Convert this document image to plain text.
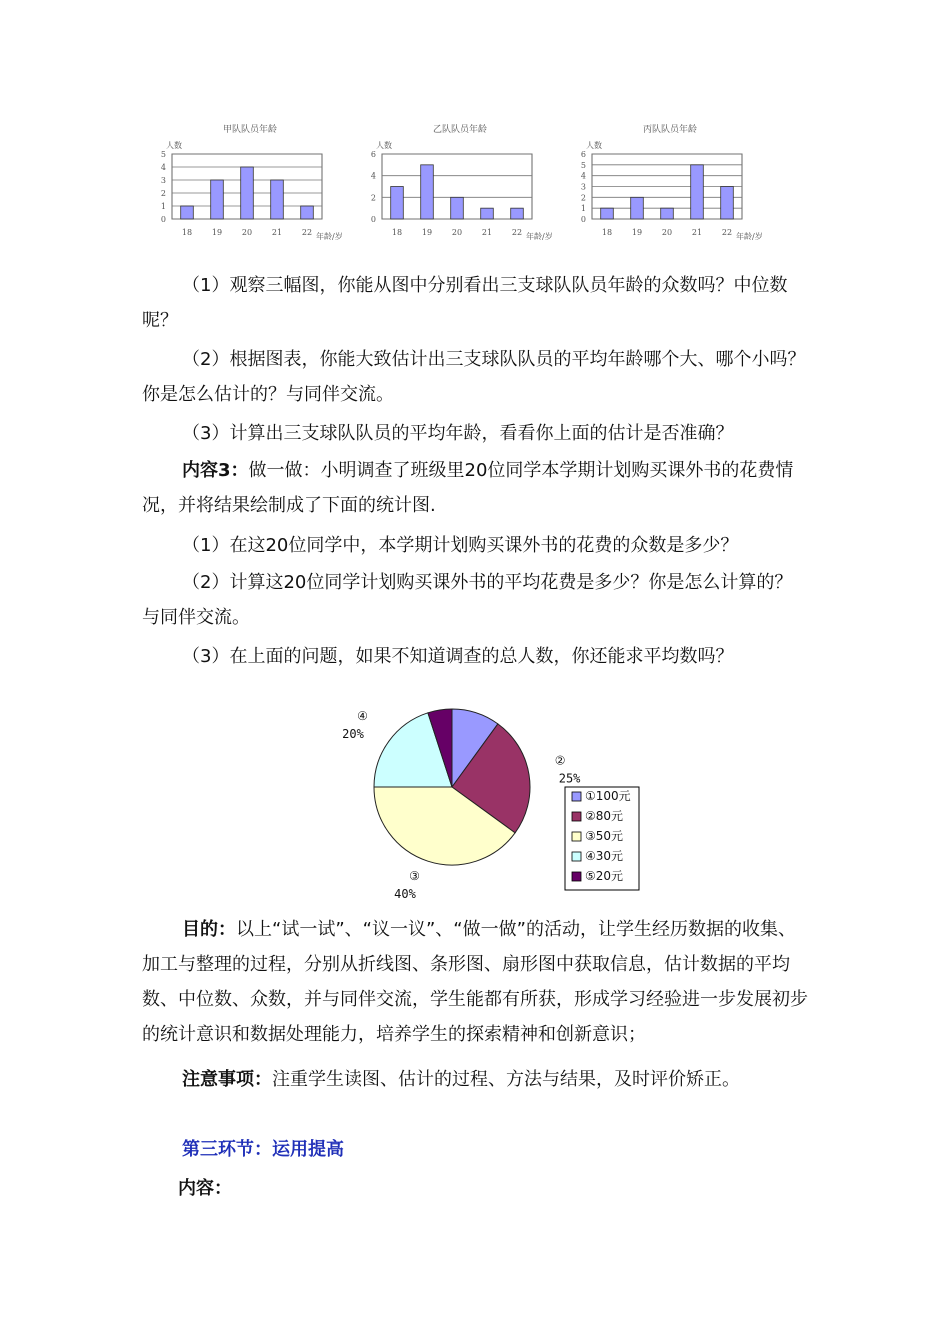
甲队队员年龄
人数
0
1
2
3
4
5
18 19 20 21 22 年龄/岁
乙队队员年龄
人数
0
2
4
6
18 19 20 21 22 年龄/岁
丙队队员年龄
人数
0
1
2
3
4
5
6
18 19 20 21 22 年龄/岁

（1）观察三幅图，你能从图中分别看出三支球队队员年龄的众数吗？中位数呢？

（2）根据图表，你能大致估计出三支球队队员的平均年龄哪个大、哪个小吗？你是怎么估计的？与同伴交流。

（3）计算出三支球队队员的平均年龄，看看你上面的估计是否准确？

内容3：做一做：小明调查了班级里20位同学本学期计划购买课外书的花费情况，并将结果绘制成了下面的统计图.

（1）在这20位同学中，本学期计划购买课外书的花费的众数是多少？

（2）计算这20位同学计划购买课外书的平均花费是多少？你是怎么计算的？与同伴交流。

（3）在上面的问题，如果不知道调查的总人数，你还能求平均数吗？

②
25%
③
40%
④
20%
①100元
②80元
③50元
④30元
⑤20元

目的：以上“试一试”、“议一议”、“做一做”的活动，让学生经历数据的收集、加工与整理的过程，分别从折线图、条形图、扇形图中获取信息，估计数据的平均数、中位数、众数，并与同伴交流，学生能都有所获，形成学习经验进一步发展初步的统计意识和数据处理能力，培养学生的探索精神和创新意识；

注意事项：注重学生读图、估计的过程、方法与结果，及时评价矫正。

第三环节：运用提高
内容：
